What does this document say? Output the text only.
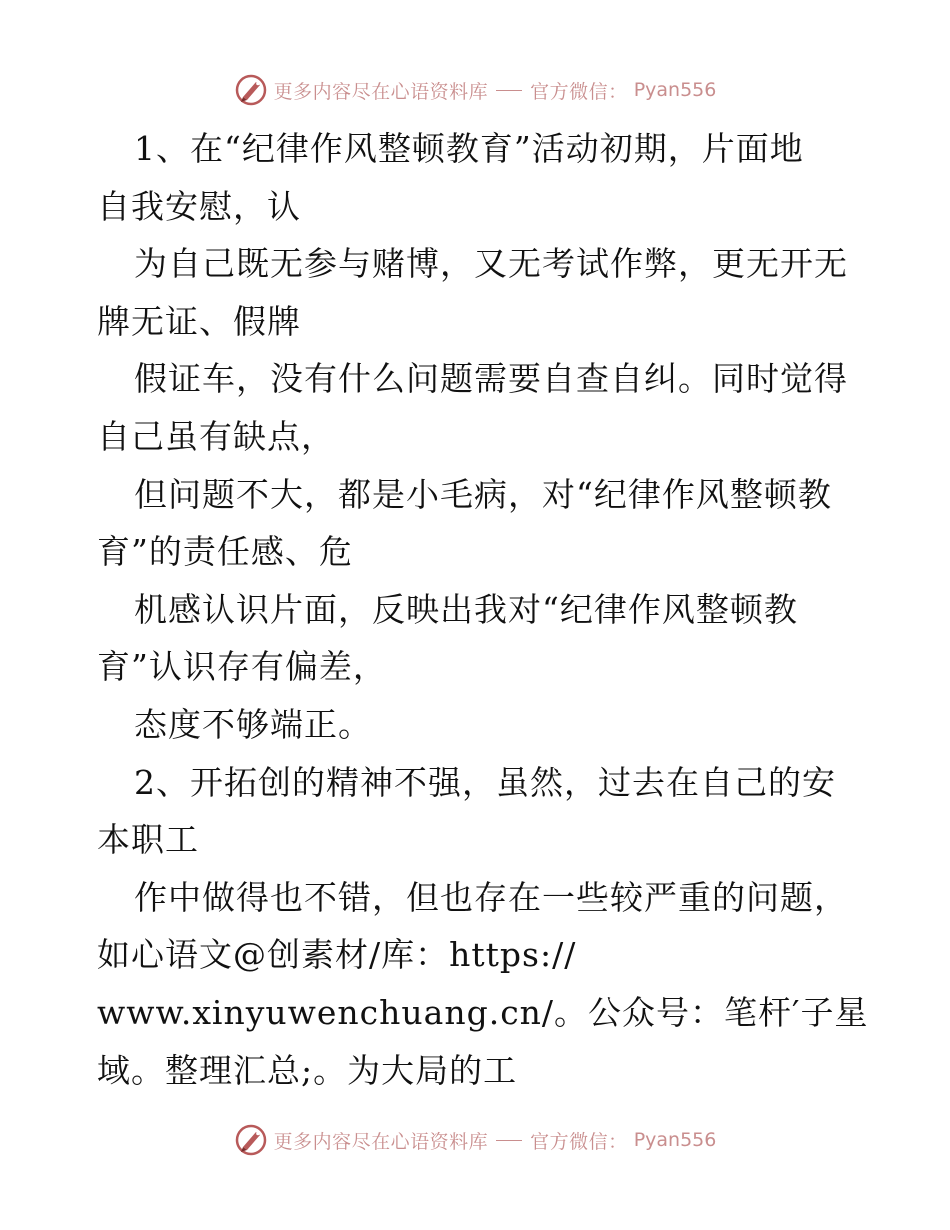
更多内容尽在心语资料库 官方微信： Pyan556
1、在“纪律作风整顿教育”活动初期，片面地
自我安慰，认
为自己既无参与赌博，又无考试作弊，更无开无
牌无证、假牌
假证车，没有什么问题需要自查自纠。同时觉得
自己虽有缺点，
但问题不大，都是小毛病，对“纪律作风整顿教
育”的责任感、危
机感认识片面，反映出我对“纪律作风整顿教
育”认识存有偏差，
态度不够端正。
2、开拓创的精神不强，虽然，过去在自己的安
本职工
作中做得也不错，但也存在一些较严重的问题，
如心语文@创素材/库：https://
www.xinyuwenchuang.cn/。公众号：笔杆′子星
域。整理汇总;。为大局的工
更多内容尽在心语资料库 官方微信： Pyan556
